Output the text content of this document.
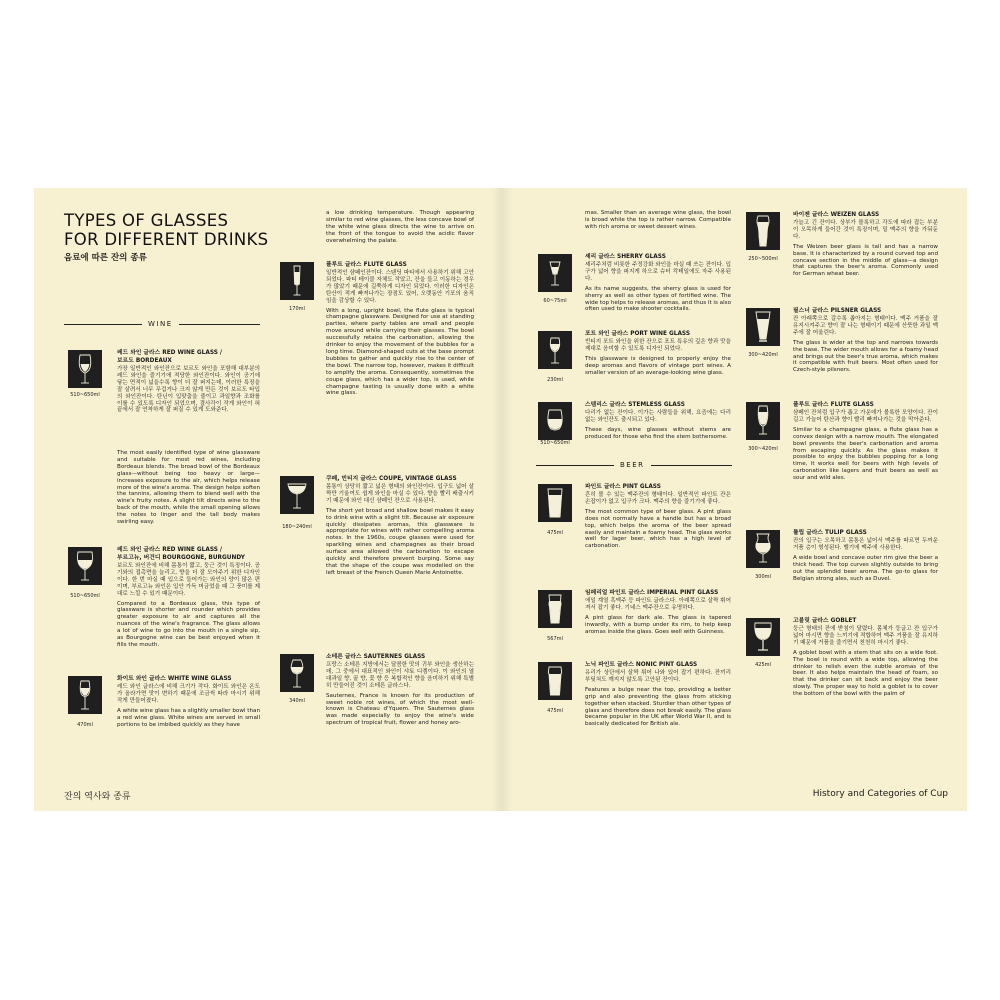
TYPES OF GLASSES
FOR DIFFERENT DRINKS
음료에 따른 잔의 종류
WINE
510~650ml
레드 와인 글라스 RED WINE GLASS /
보르도 BORDEAUX

가장 일반적인 와인잔으로 보르도 와인을 포함해 대부분의 레드 와인을 즐기기에 적당한 와인잔이다. 와인이 공기에 닿는 면적이 넓을수록 향이 더 잘 퍼지는데, 이러한 특징을 잘 살려서 너무 무겁거나 크지 않게 만든 것이 보르도 타입의 와인잔이다. 탄닌이 입맞춤을 줄이고 과일향과 조화를 이룰 수 있도록 디자인 되었으며, 결사각이 작게 와인이 혀끝에서 잘 연착하게 잘 퍼질 수 있게 도와준다.

The most easily identified type of wine glassware and suitable for most red wines, including Bordeaux blends. The broad bowl of the Bordeaux glass—without being too heavy or large—increases exposure to the air, which helps release more of the wine's aroma. The design helps soften the tannins, allowing them to blend well with the wine's fruity notes. A slight tilt directs wine to the back of the mouth, while the small opening allows the notes to linger and the tall body makes swirling easy.

510~650ml
레드 와인 글라스 RED WINE GLASS /
부르고뉴, 버건디 BOURGOGNE, BURGUNDY

보르도 와인잔에 비해 몸통이 짧고, 둥근 것이 특징이다. 공기와의 접촉면을 늘리고, 향을 더 잘 모아주기 위한 디자인이다. 한 번 마실 때 입으로 들어가는 와인의 양이 많은 편이며, 부르고뉴 와인은 입안 가득 머금었을 때 그 풍미를 제대로 느낄 수 있기 때문이다.

Compared to a Bordeaux glass, this type of glassware is shorter and rounder which provides greater exposure to air and captures all the nuances of the wine's fragrance. The glass allows a lot of wine to go into the mouth in a single sip, as Bourgogne wine can be best enjoyed when it fills the mouth.

470ml
화이트 와인 글라스 WHITE WINE GLASS

레드 와인 글라스에 비해 크기가 작다. 화이트 와인은 온도가 올라가면 맛이 변하기 때문에 조금씩 따라 마시기 위해 작게 만들어졌다.

A white wine glass has a slightly smaller bowl than a red wine glass. White wines are served in small portions to be imbibed quickly as they have

a low drinking temperature. Though appearing similar to red wine glasses, the less concave bowl of the white wine glass directs the wine to arrive on the front of the tongue to avoid the acidic flavor overwhelming the palate.

170ml
플루트 글라스 FLUTE GLASS

일반적인 샴페인잔이다. 스탠딩 파티에서 사용하기 위해 고안되었다. 파티 테이블 자체도 작았고, 잔을 들고 이동하는 경우가 많았기 때문에 길쭉하게 디자인 되었다. 이러한 디자인은 탄산이 적게 빠져나가는 장점도 있어, 오랫동안 기포의 움직임을 감상할 수 있다.

With a long, upright bowl, the flute glass is typical champagne glassware. Designed for use at standing parties, where party tables are small and people move around while carrying their glasses. The bowl successfully retains the carbonation, allowing the drinker to enjoy the movement of the bubbles for a long time. Diamond-shaped cuts at the base prompt bubbles to gather and quickly rise to the center of the bowl. The narrow top, however, makes it difficult to amplify the aroma. Consequently, sometimes the coupe glass, which has a wider top, is used, while champagne tasting is usually done with a white wine glass.

180~240ml
쿠페, 빈티지 글라스 COUPE, VINTAGE GLASS

몸통이 상당히 짧고 넓은 형태의 와인잔이다. 입구도 넓어 살짝만 기울여도 쉽게 와인을 마실 수 있다. 향을 빨리 배출시키기 때문에 와인 대신 샴페인 잔으로 사용된다.

The short yet broad and shallow bowl makes it easy to drink wine with a slight tilt. Because air exposure quickly dissipates aromas, this glassware is appropriate for wines with rather compelling aroma notes. In the 1960s, coupe glasses were used for sparkling wines and champagnes as their broad surface area allowed the carbonation to escape quickly and therefore prevent burping. Some say that the shape of the coupe was modelled on the left breast of the French Queen Marie Antoinette.

340ml
소테른 글라스 SAUTERNES GLASS

프랑스 소테른 지방에서는 달콤한 맛의 귀부 와인을 생산하는데, 그 중에서 대표적인 와인이 샤토 디켐이다. 이 와인의 열대과일 향, 꿀 향, 꽃 향 등 복합적인 향을 음미하기 위해 특별히 만들어진 것이 소테른 글라스다.

Sauternes, France is known for its production of sweet noble rot wines, of which the most well-known is Chateau d'Yquem. The Sauternes glass was made especially to enjoy the wine's wide spectrum of tropical fruit, flower and honey aro-

mas. Smaller than an average wine glass, the bowl is broad while the top is rather narrow. Compatible with rich aroma or sweet dessert wines.

60~75ml
셰리 글라스 SHERRY GLASS

셰리주처럼 비롯한 주정강화 와인을 마실 때 쓰는 잔이다. 입구가 넓어 향을 퍼지게 하으로 슈터 칵테일에도 자주 사용된다.

As its name suggests, the sherry glass is used for sherry as well as other types of fortified wine. The wide top helps to release aromas, and thus it is also often used to make shooter cocktails.

230ml
포트 와인 글라스 PORT WINE GLASS

빈티지 포트 와인을 위한 잔으로 포트 특유의 깊은 향과 맛을 제대로 음미할 수 있도록 디자인 되었다.

This glassware is designed to properly enjoy the deep aromas and flavors of vintage port wines. A smaller version of an average-looking wine glass.

510~650ml
스템리스 글라스 STEMLESS GLASS

다리가 없는 잔이다. 이가는 사람들을 위해, 요즘에는 다리 없는 와인잔도 출시되고 있다.

These days, wine glasses without stems are produced for those who find the stem bothersome.

BEER
475ml
파인트 글라스 PINT GLASS

흔히 볼 수 있는 맥주잔의 형태이다. 일반적인 파인트 잔은 손잡이가 없고 입구가 크다. 맥주의 향을 즐기기에 좋다.

The most common type of beer glass. A pint glass does not normally have a handle but has a broad top, which helps the aroma of the beer spread easily and maintain a foamy head. The glass works well for lager beer, which has a high level of carbonation.

567ml
임페리얼 파인트 글라스 IMPERIAL PINT GLASS

에일 계열 흑맥주 등 파인트 글라스다. 아래쪽으로 살짝 휘어져서 잡기 좋다. 기네스 맥주잔으로 유명하다.

A pint glass for dark ale. The glass is tapered inwardly, with a bump under its rim, to help keep aromas inside the glass. Goes well with Guinness.

475ml
노닉 파인트 글라스 NONIC PINT GLASS

유리가 상단에서 살짝 튀어 나와 있어 잡기 편하다. 잔끼리 부딪쳐도 깨지지 않도록 고안된 잔이다.

Features a bulge near the top, providing a better grip and also preventing the glass from sticking together when stacked. Sturdier than other types of glass and therefore does not break easily. The glass became popular in the UK after World War II, and is basically dedicated for British ale.

250~500ml
바이젠 글라스 WEIZEN GLASS

가늘고 긴 잔이다. 상부가 볼록하고 각도에 따라 잡는 부분이 오목하게 들어간 것이 특징이며, 밀 맥주의 향을 가둬둔다.

The Weizen beer glass is tall and has a narrow base. It is characterized by a round curved top and concave section in the middle of glass—a design that captures the beer's aroma. Commonly used for German wheat beer.

300~420ml
필스너 글라스 PILSNER GLASS

잔 아래쪽으로 갈수록 좁아지는 형태이다. 맥주 거품을 잘 유지시켜주고 향이 잘 나는 형태이기 때문에 산뜻한 과일 맥주에 잘 어울린다.

The glass is wider at the top and narrows towards the base. The wider mouth allows for a foamy head and brings out the beer's true aroma, which makes it compatible with fruit beers. Most often used for Czech-style pilsners.

300~420ml
플루트 글라스 FLUTE GLASS

샴페인 잔처럼 입구가 좁고 가운데가 볼록한 모양이다. 잔이 길고 가늘어 탄산과 향이 빨리 빠져나가는 것을 막아준다.

Similar to a champagne glass, a flute glass has a convex design with a narrow mouth. The elongated bowl prevents the beer's carbonation and aroma from escaping quickly. As the glass makes it possible to enjoy the bubbles popping for a long time, it works well for beers with high levels of carbonation like lagers and fruit beers as well as sour and wild ales.

300ml
튤립 글라스 TULIP GLASS

잔의 입구는 오목하고 몸통은 넓어서 맥주를 따르면 두꺼운 거품 층이 형성된다. 벨기에 맥주에 사용한다.

A wide bowl and concave outer rim give the beer a thick head. The top curves slightly outside to bring out the splendid beer aroma. The go-to glass for Belgian strong ales, such as Duvel.

425ml
고블릿 글라스 GOBLET

둥근 형태의 잔에 받침이 달렸다. 몸체가 둥글고 잔 입구가 넓어 마시면 향을 느끼기에 적합하여 맥주 거품을 잘 유지하기 때문에 거품을 즐기면서 천천히 마시기 좋다.

A goblet bowl with a stem that sits on a wide foot. The bowl is round with a wide top, allowing the drinker to relish even the subtle aromas of the beer. It also helps maintain the head of foam, so that the drinker can sit back and enjoy the beer slowly. The proper way to hold a goblet is to cover the bottom of the bowl with the palm of

잔의 역사와 종류	History and Categories of Cup
